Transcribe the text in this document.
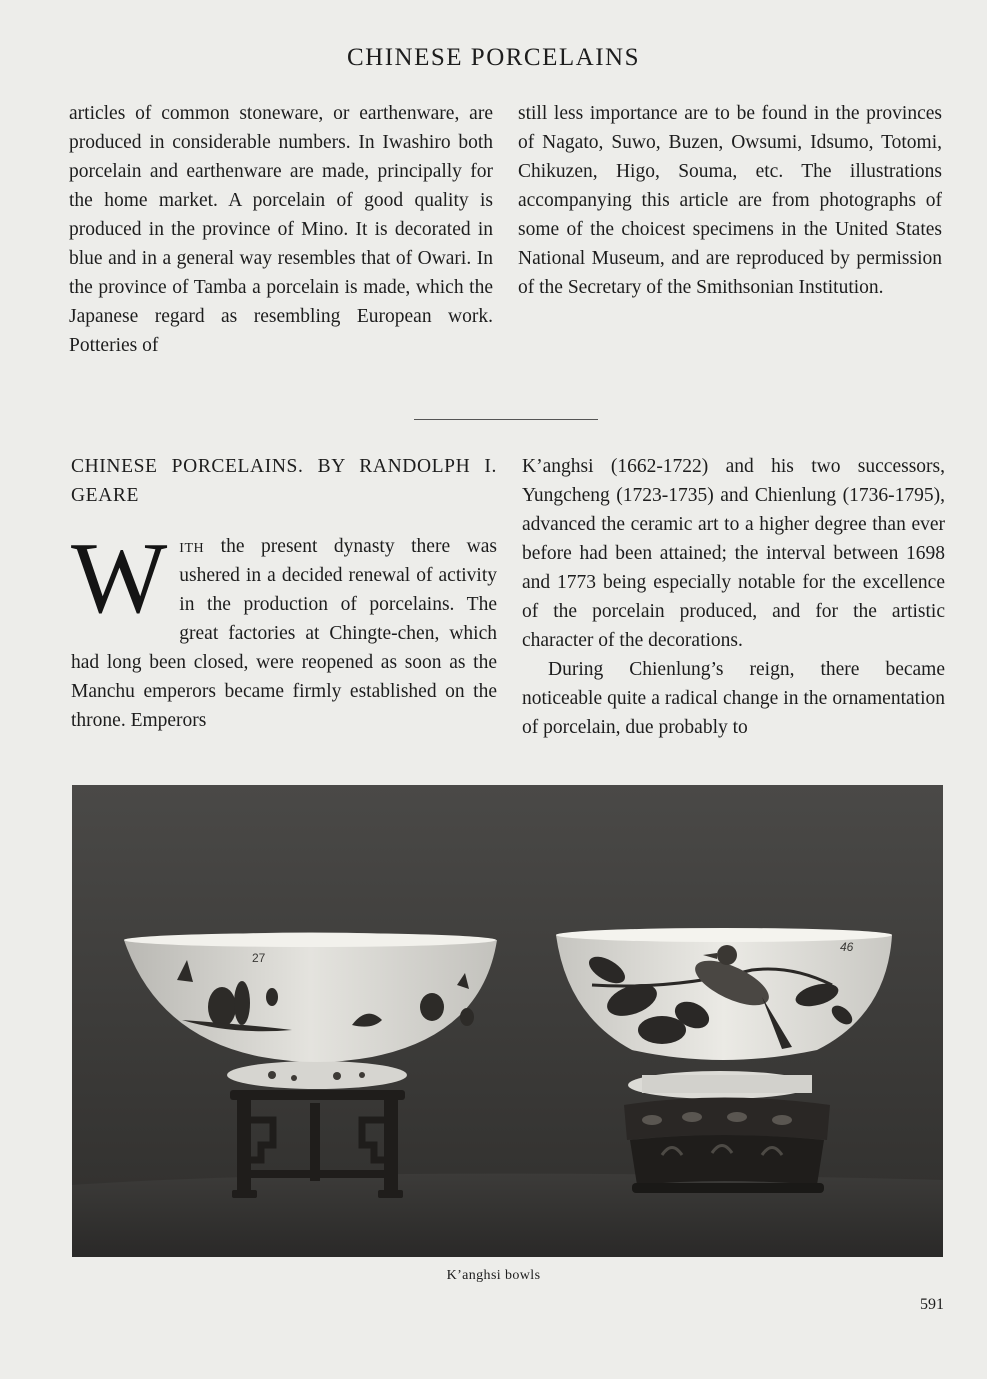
CHINESE PORCELAINS

articles of common stoneware, or earthenware, are produced in considerable numbers. In Iwashiro both porcelain and earthenware are made, principally for the home market. A porcelain of good quality is produced in the province of Mino. It is decorated in blue and in a general way resembles that of Owari. In the province of Tamba a porcelain is made, which the Japanese regard as resembling European work. Potteries of

still less importance are to be found in the provinces of Nagato, Suwo, Buzen, Owsumi, Idsumo, Totomi, Chikuzen, Higo, Souma, etc. The illustrations accompanying this article are from photographs of some of the choicest specimens in the United States National Museum, and are reproduced by permission of the Secretary of the Smithsonian Institution.

CHINESE PORCELAINS. BY RANDOLPH I. GEARE

With the present dynasty there was ushered in a decided renewal of activity in the production of porcelains. The great factories at Chingte-chen, which had long been closed, were reopened as soon as the Manchu emperors became firmly established on the throne. Emperors

K’anghsi (1662-1722) and his two successors, Yungcheng (1723-1735) and Chienlung (1736-1795), advanced the ceramic art to a higher degree than ever before had been attained; the interval between 1698 and 1773 being especially notable for the excellence of the porcelain produced, and for the artistic character of the decorations.

During Chienlung’s reign, there became noticeable quite a radical change in the ornamentation of porcelain, due probably to

27
46
K’anghsi bowls
591
